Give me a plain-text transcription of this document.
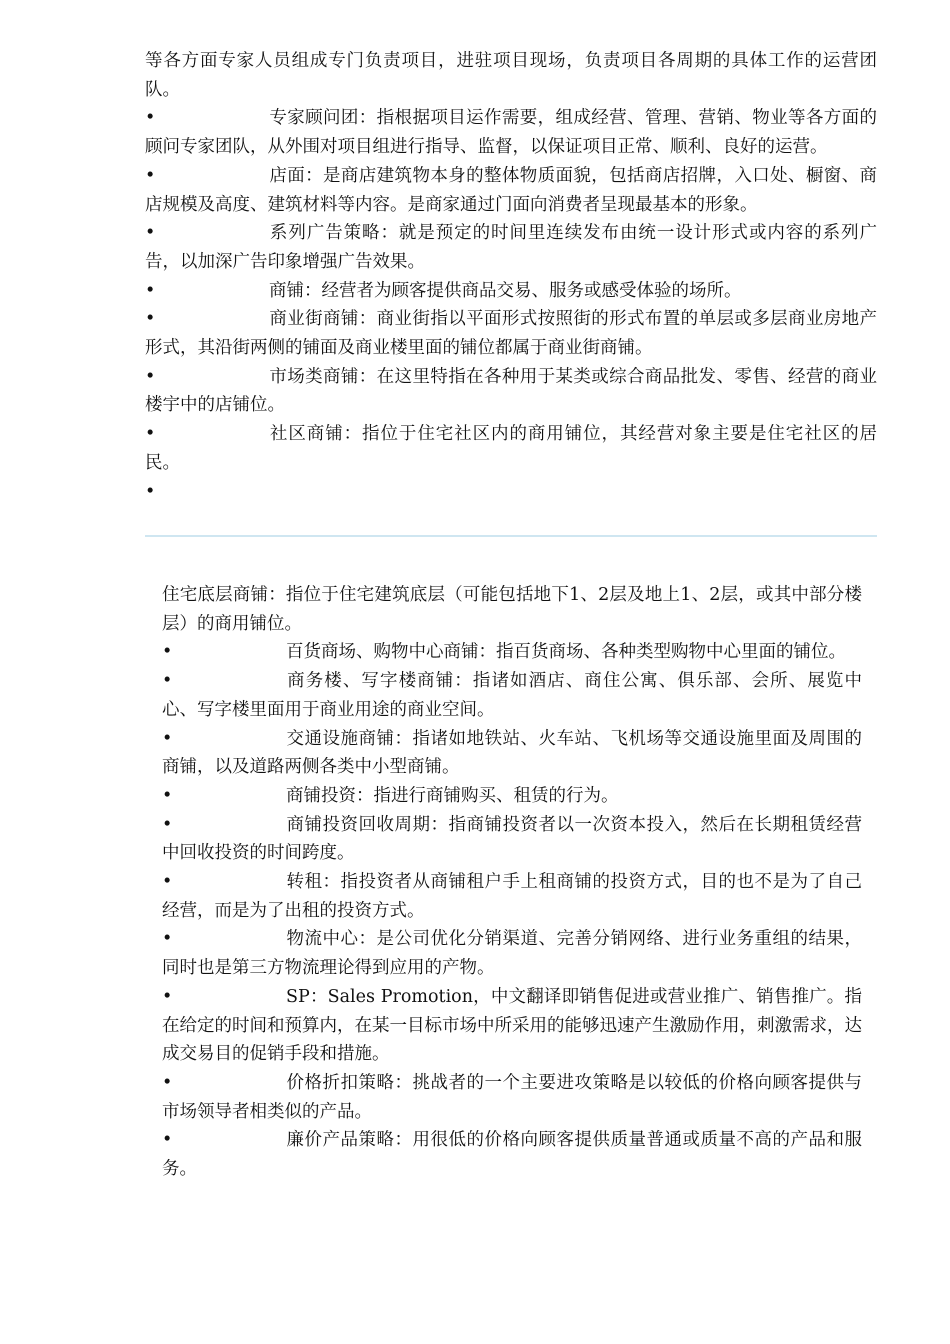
等各方面专家人员组成专门负责项目，进驻项目现场，负责项目各周期的具体工作的运营团队。

•	专家顾问团：指根据项目运作需要，组成经营、管理、营销、物业等各方面的顾问专家团队，从外围对项目组进行指导、监督，以保证项目正常、顺利、良好的运营。

•	店面：是商店建筑物本身的整体物质面貌，包括商店招牌，入口处、橱窗、商店规模及高度、建筑材料等内容。是商家通过门面向消费者呈现最基本的形象。

•	系列广告策略：就是预定的时间里连续发布由统一设计形式或内容的系列广告，以加深广告印象增强广告效果。

•	商铺：经营者为顾客提供商品交易、服务或感受体验的场所。

•	商业街商铺：商业街指以平面形式按照街的形式布置的单层或多层商业房地产形式，其沿街两侧的铺面及商业楼里面的铺位都属于商业街商铺。

•	市场类商铺：在这里特指在各种用于某类或综合商品批发、零售、经营的商业楼宇中的店铺位。

•	社区商铺：指位于住宅社区内的商用铺位，其经营对象主要是住宅社区的居民。

•

住宅底层商铺：指位于住宅建筑底层（可能包括地下1、2层及地上1、2层，或其中部分楼层）的商用铺位。

•	百货商场、购物中心商铺：指百货商场、各种类型购物中心里面的铺位。

•	商务楼、写字楼商铺：指诸如酒店、商住公寓、俱乐部、会所、展览中心、写字楼里面用于商业用途的商业空间。

•	交通设施商铺：指诸如地铁站、火车站、飞机场等交通设施里面及周围的商铺，以及道路两侧各类中小型商铺。

•	商铺投资：指进行商铺购买、租赁的行为。

•	商铺投资回收周期：指商铺投资者以一次资本投入，然后在长期租赁经营中回收投资的时间跨度。

•	转租：指投资者从商铺租户手上租商铺的投资方式，目的也不是为了自己经营，而是为了出租的投资方式。

•	物流中心：是公司优化分销渠道、完善分销网络、进行业务重组的结果，同时也是第三方物流理论得到应用的产物。

•	SP：Sales Promotion，中文翻译即销售促进或营业推广、销售推广。指在给定的时间和预算内，在某一目标市场中所采用的能够迅速产生激励作用，刺激需求，达成交易目的促销手段和措施。

•	价格折扣策略：挑战者的一个主要进攻策略是以较低的价格向顾客提供与市场领导者相类似的产品。

•	廉价产品策略：用很低的价格向顾客提供质量普通或质量不高的产品和服务。
